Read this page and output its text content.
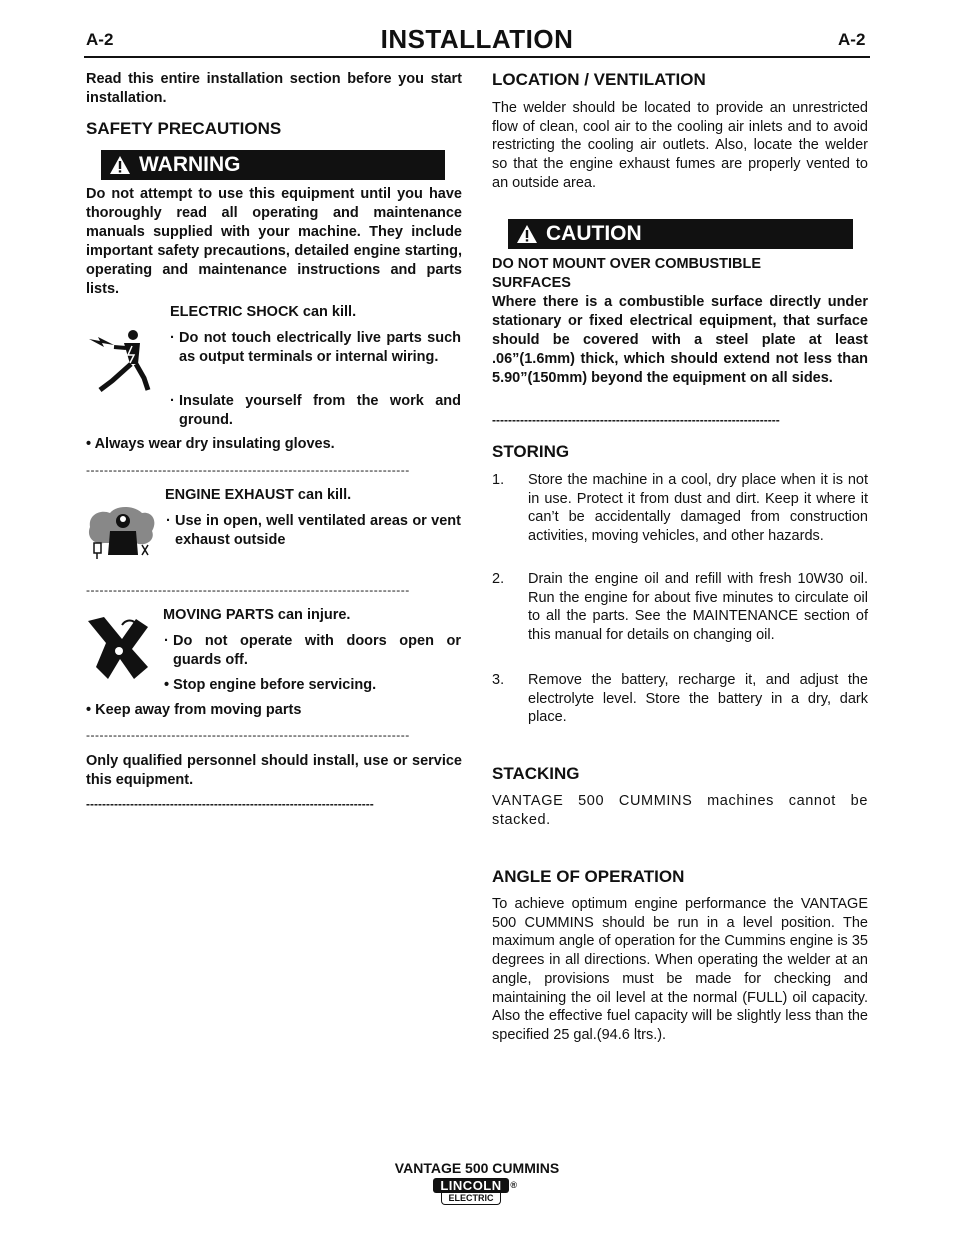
A-2	INSTALLATION	A-2
Read this entire installation section before you start installation.
SAFETY PRECAUTIONS
WARNING
Do not attempt to use this equipment until you have thoroughly read all operating and maintenance manuals supplied with your machine. They include important safety precautions, detailed engine starting, operating and maintenance instructions and parts lists.
ELECTRIC SHOCK can kill.
· Do not touch electrically live parts such as output terminals or internal wiring.
· Insulate yourself from the work and ground.
• Always wear dry insulating gloves.
------------------------------------------------------------------------
ENGINE EXHAUST can kill.
· Use in open, well ventilated areas or vent exhaust outside
------------------------------------------------------------------------
MOVING PARTS can injure.
· Do not operate with doors open or guards off.
• Stop engine before servicing.
• Keep away from moving parts
------------------------------------------------------------------------
Only qualified personnel should install, use or service this equipment.
------------------------------------------------------------------------
LOCATION / VENTILATION
The welder should be located to provide an unrestricted flow of clean, cool air to the cooling air inlets and to avoid restricting the cooling air outlets. Also, locate the welder so that the engine exhaust fumes are properly vented to an outside area.
CAUTION
DO NOT MOUNT OVER COMBUSTIBLE SURFACES
Where there is a combustible surface directly under stationary or fixed electrical equipment, that surface should be covered with a steel plate at least .06”(1.6mm) thick, which should extend not less than 5.90”(150mm) beyond the equipment on all sides.
------------------------------------------------------------------------
STORING
1. Store the machine in a cool, dry place when it is not in use. Protect it from dust and dirt. Keep it where it can’t be accidentally damaged from construction activities, moving vehicles, and other hazards.
2. Drain the engine oil and refill with fresh 10W30 oil. Run the engine for about five minutes to circulate oil to all the parts. See the MAINTENANCE section of this manual for details on changing oil.
3. Remove the battery, recharge it, and adjust the electrolyte level. Store the battery in a dry, dark place.
STACKING
VANTAGE 500 CUMMINS machines cannot be stacked.
ANGLE OF OPERATION
To achieve optimum engine performance the VANTAGE 500 CUMMINS should be run in a level position. The maximum angle of operation for the Cummins engine is 35 degrees in all directions. When operating the welder at an angle, provisions must be made for checking and maintaining the oil level at the normal (FULL) oil capacity. Also the effective fuel capacity will be slightly less than the specified 25 gal.(94.6 ltrs.).
VANTAGE 500 CUMMINS
LINCOLN
ELECTRIC
®
